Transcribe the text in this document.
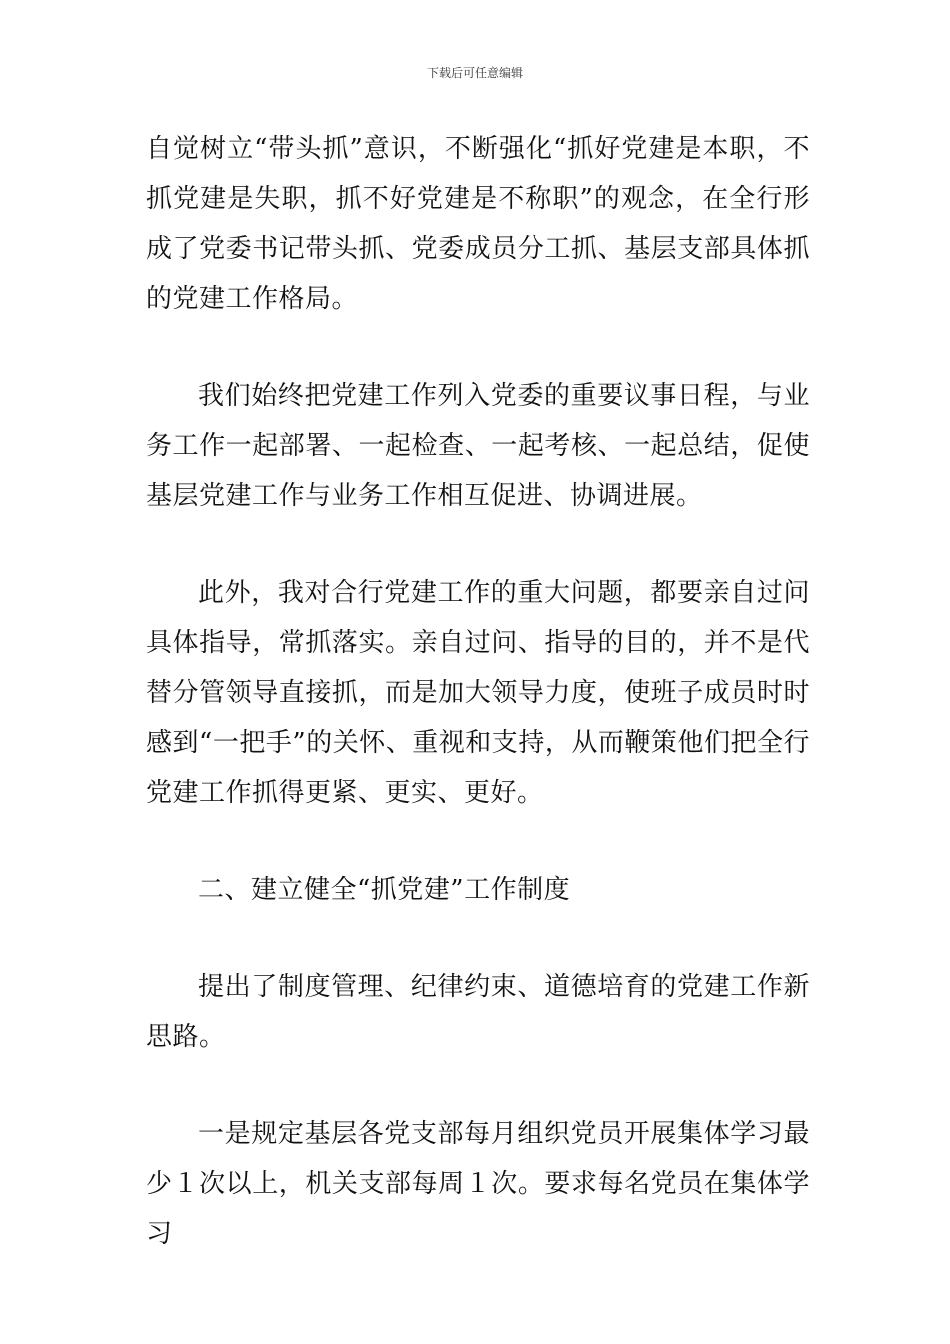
下载后可任意编辑

自觉树立“带头抓”意识，不断强化“抓好党建是本职，不抓党建是失职，抓不好党建是不称职”的观念，在全行形成了党委书记带头抓、党委成员分工抓、基层支部具体抓的党建工作格局。

我们始终把党建工作列入党委的重要议事日程，与业务工作一起部署、一起检查、一起考核、一起总结，促使基层党建工作与业务工作相互促进、协调进展。

此外，我对合行党建工作的重大问题，都要亲自过问具体指导，常抓落实。亲自过问、指导的目的，并不是代替分管领导直接抓，而是加大领导力度，使班子成员时时感到“一把手”的关怀、重视和支持，从而鞭策他们把全行党建工作抓得更紧、更实、更好。

二、建立健全“抓党建”工作制度

提出了制度管理、纪律约束、道德培育的党建工作新思路。

一是规定基层各党支部每月组织党员开展集体学习最少１次以上，机关支部每周１次。要求每名党员在集体学习
